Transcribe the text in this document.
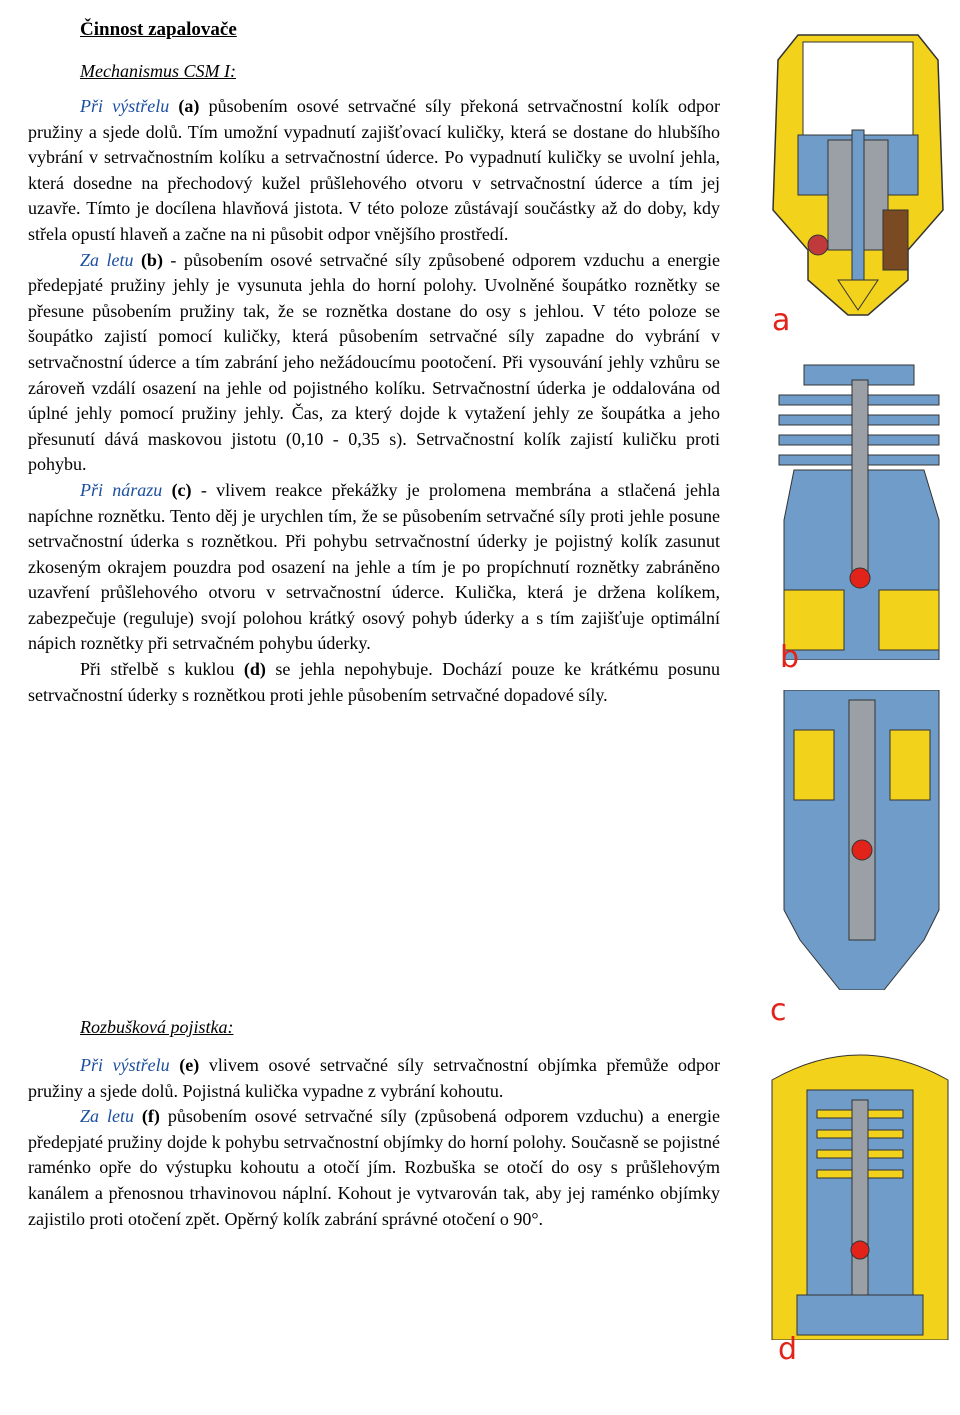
Činnost zapalovače
Mechanismus CSM I:

Při výstřelu (a) působením osové setrvačné síly překoná setrvačnostní kolík odpor pružiny a sjede dolů. Tím umožní vypadnutí zajišťovací kuličky, která se dostane do hlubšího vybrání v setrvačnostním kolíku a setrvačnostní úderce. Po vypadnutí kuličky se uvolní jehla, která dosedne na přechodový kužel průšlehového otvoru v setrvačnostní úderce a tím jej uzavře. Tímto je docílena hlavňová jistota. V této poloze zůstávají součástky až do doby, kdy střela opustí hlaveň a začne na ni působit odpor vnějšího prostředí.

Za letu (b) - působením osové setrvačné síly způsobené odporem vzduchu a energie předepjaté pružiny jehly je vysunuta jehla do horní polohy. Uvolněné šoupátko roznětky se přesune působením pružiny tak, že se roznětka dostane do osy s jehlou. V této poloze se šoupátko zajistí pomocí kuličky, která působením setrvačné síly zapadne do vybrání v setrvačnostní úderce a tím zabrání jeho nežádoucímu pootočení. Při vysouvání jehly vzhůru se zároveň vzdálí osazení na jehle od pojistného kolíku. Setrvačnostní úderka je oddalována od úplné jehly pomocí pružiny jehly. Čas, za který dojde k vytažení jehly ze šoupátka a jeho přesunutí dává maskovou jistotu (0,10 - 0,35 s). Setrvačnostní kolík zajistí kuličku proti pohybu.

Při nárazu (c) - vlivem reakce překážky je prolomena membrána a stlačená jehla napíchne roznětku. Tento děj je urychlen tím, že se působením setrvačné síly proti jehle posune setrvačnostní úderka s roznětkou. Při pohybu setrvačnostní úderky je pojistný kolík zasunut zkoseným okrajem pouzdra pod osazení na jehle a tím je po propíchnutí roznětky zabráněno uzavření průšlehového otvoru v setrvačnostní úderce. Kulička, která je držena kolíkem, zabezpečuje (reguluje) svojí polohou krátký osový pohyb úderky a s tím zajišťuje optimální nápich roznětky při setrvačném pohybu úderky.

Při střelbě s kuklou (d) se jehla nepohybuje. Dochází pouze ke krátkému posunu setrvačnostní úderky s roznětkou proti jehle působením setrvačné dopadové síly.

Rozbušková pojistka:

Při výstřelu (e) vlivem osové setrvačné síly setrvačnostní objímka přemůže odpor pružiny a sjede dolů. Pojistná kulička vypadne z vybrání kohoutu.

Za letu (f) působením osové setrvačné síly (způsobená odporem vzduchu) a energie předepjaté pružiny dojde k pohybu setrvačnostní objímky do horní polohy. Současně se pojistné raménko opře do výstupku kohoutu a otočí jím. Rozbuška se otočí do osy s průšlehovým kanálem a přenosnou trhavinovou náplní. Kohout je vytvarován tak, aby jej raménko objímky zajistilo proti otočení zpět. Opěrný kolík zabrání správné otočení o 90°.

a
b
c
d
